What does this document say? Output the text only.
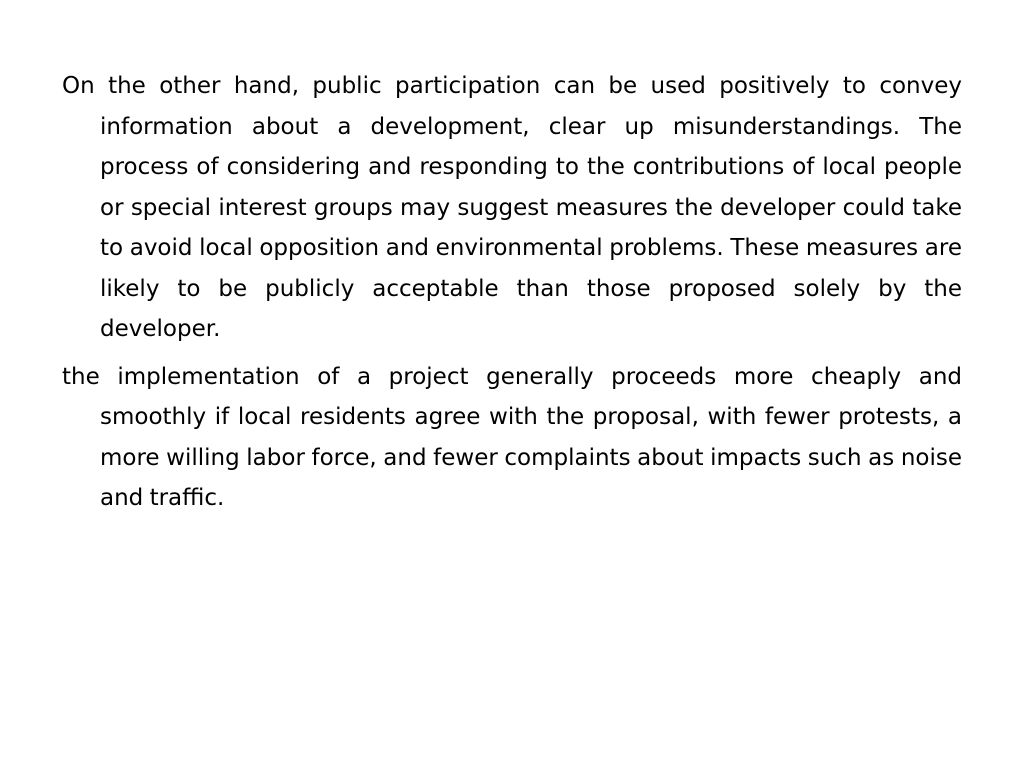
On the other hand, public participation can be used positively to convey information about a development, clear up misunderstandings. The process of considering and responding to the contributions of local people or special interest groups may suggest measures the developer could take to avoid local opposition and environmental problems. These measures are likely to be publicly acceptable than those proposed solely by the developer.

the implementation of a project generally proceeds more cheaply and smoothly if local residents agree with the proposal, with fewer protests, a more willing labor force, and fewer complaints about impacts such as noise and traffic.
